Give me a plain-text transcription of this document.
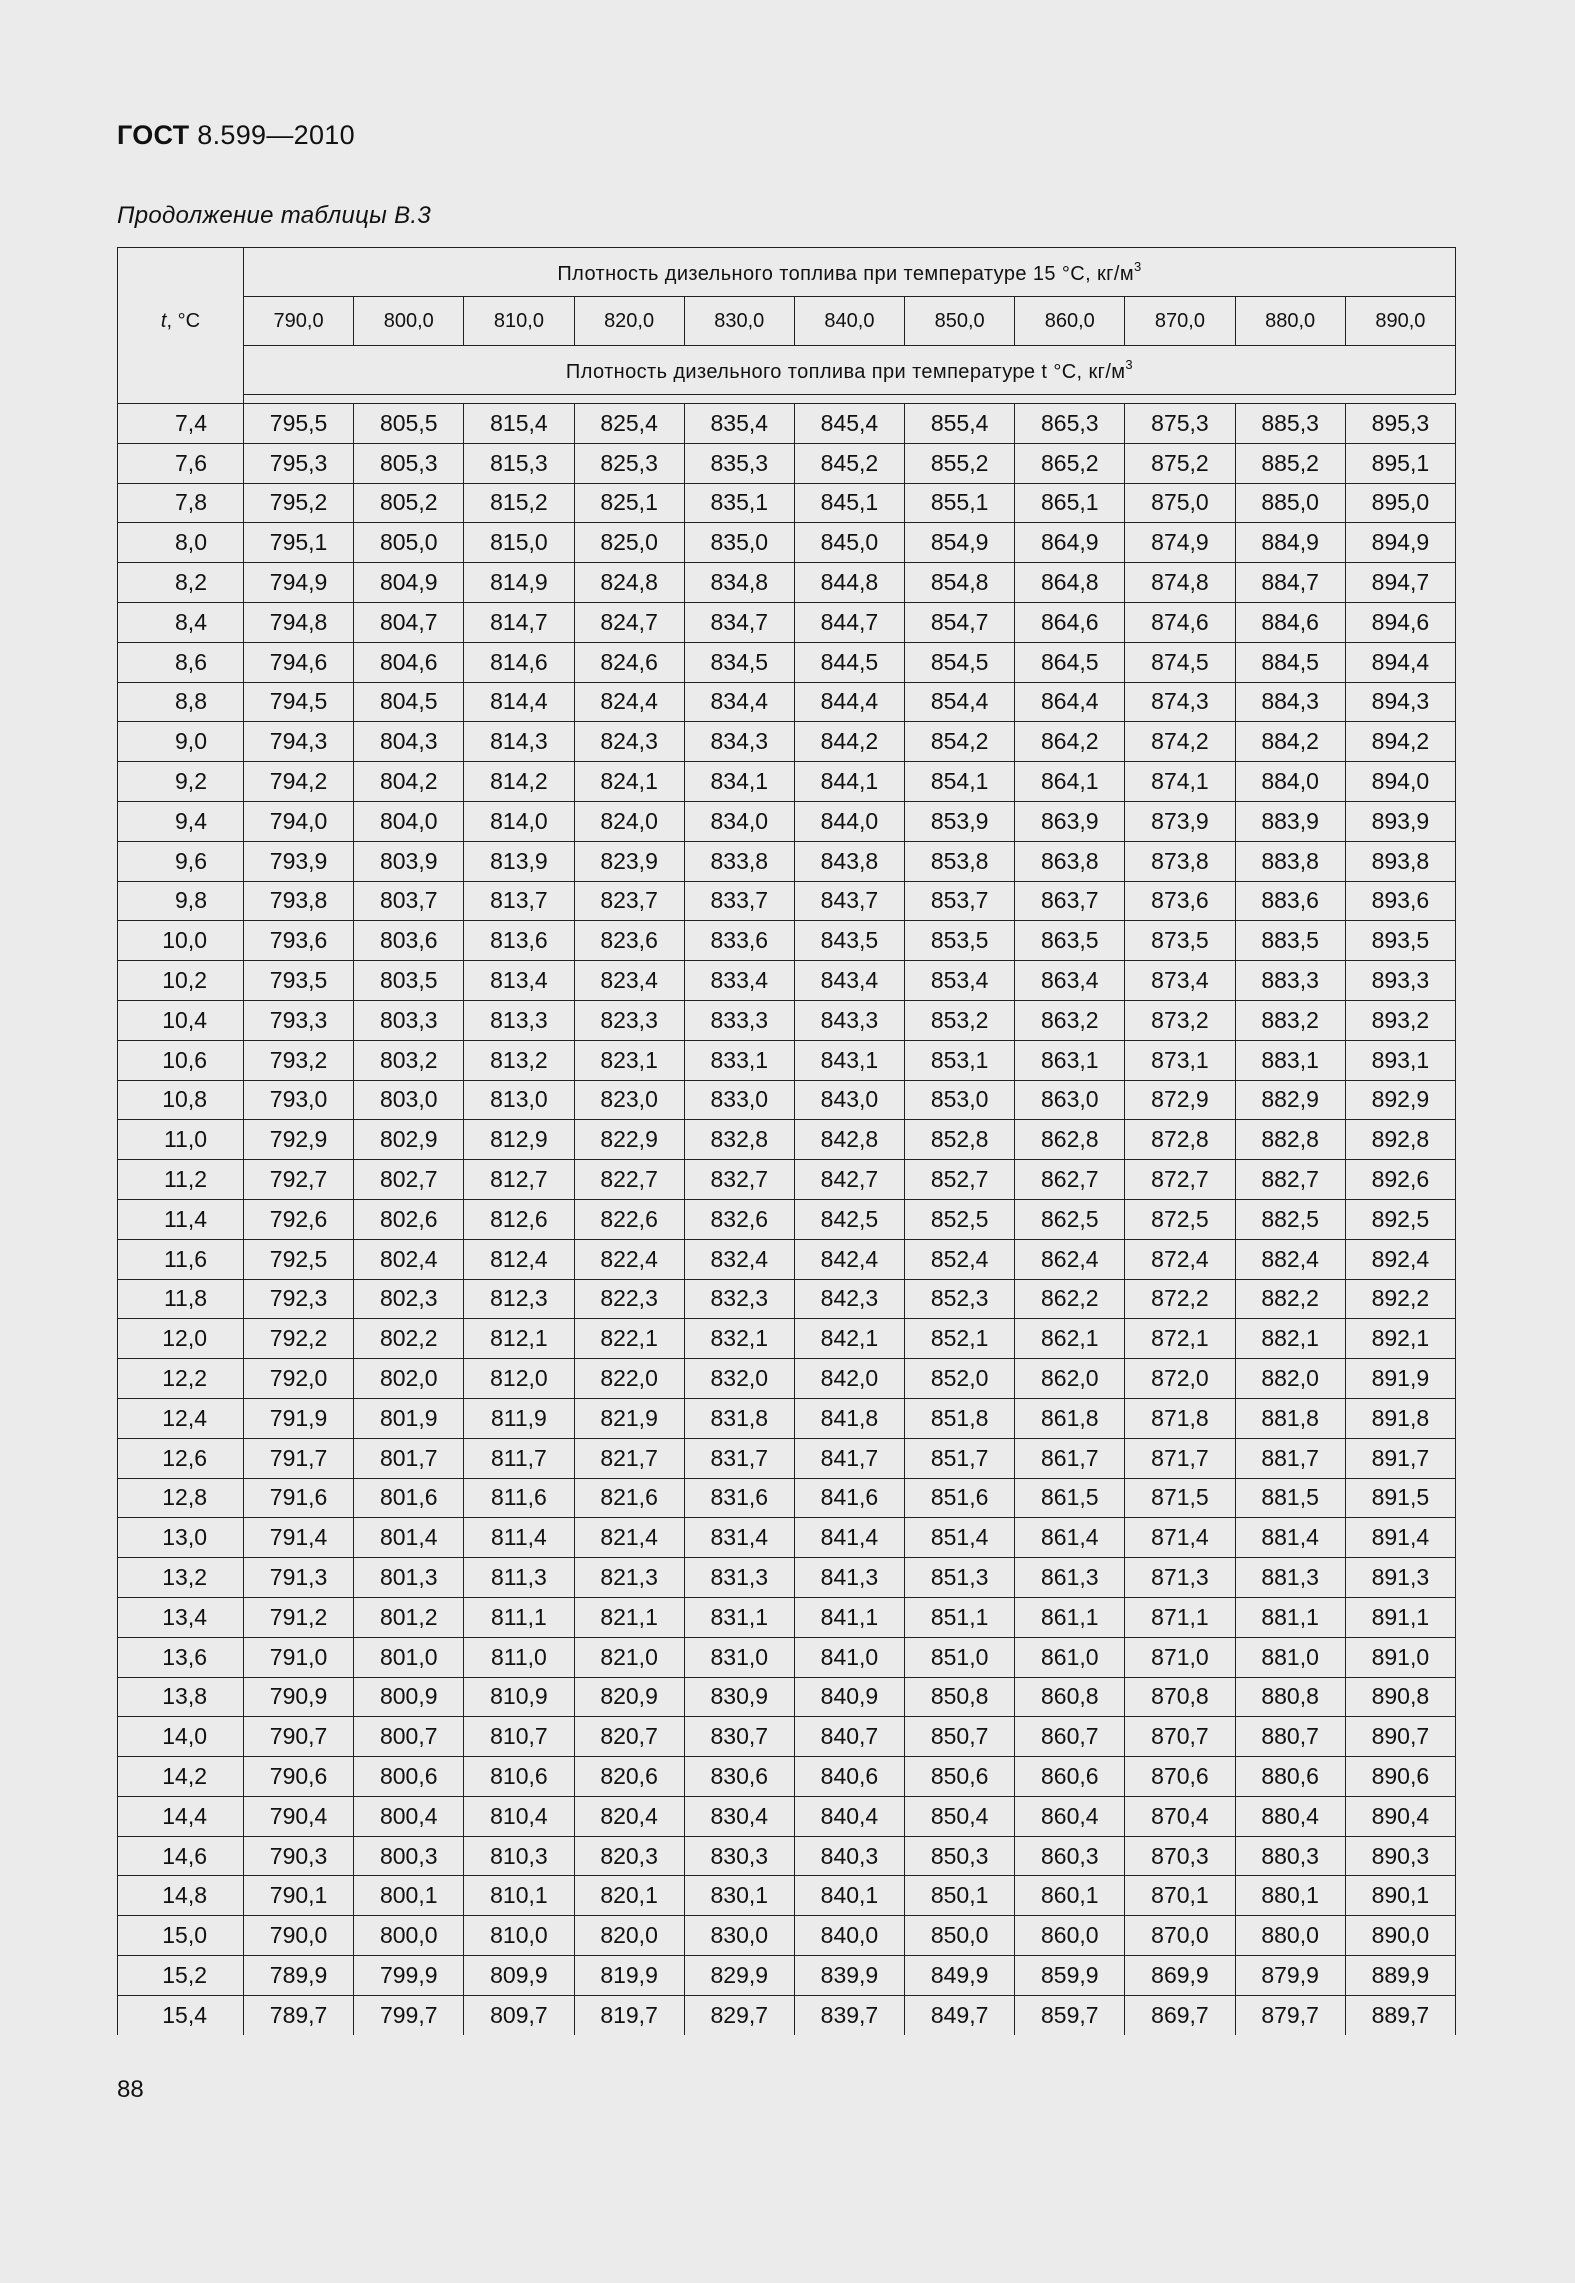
ГОСТ 8.599—2010
Продолжение таблицы В.3
t, °С	Плотность дизельного топлива при температуре 15 °С, $кг/м^3$
	790,0	800,0	810,0	820,0	830,0	840,0	850,0	860,0	870,0	880,0	890,0
	Плотность дизельного топлива при температуре t °С, $кг/м^3$

7,4	795,5	805,5	815,4	825,4	835,4	845,4	855,4	865,3	875,3	885,3	895,3
7,6	795,3	805,3	815,3	825,3	835,3	845,2	855,2	865,2	875,2	885,2	895,1
7,8	795,2	805,2	815,2	825,1	835,1	845,1	855,1	865,1	875,0	885,0	895,0
8,0	795,1	805,0	815,0	825,0	835,0	845,0	854,9	864,9	874,9	884,9	894,9
8,2	794,9	804,9	814,9	824,8	834,8	844,8	854,8	864,8	874,8	884,7	894,7
8,4	794,8	804,7	814,7	824,7	834,7	844,7	854,7	864,6	874,6	884,6	894,6
8,6	794,6	804,6	814,6	824,6	834,5	844,5	854,5	864,5	874,5	884,5	894,4
8,8	794,5	804,5	814,4	824,4	834,4	844,4	854,4	864,4	874,3	884,3	894,3
9,0	794,3	804,3	814,3	824,3	834,3	844,2	854,2	864,2	874,2	884,2	894,2
9,2	794,2	804,2	814,2	824,1	834,1	844,1	854,1	864,1	874,1	884,0	894,0
9,4	794,0	804,0	814,0	824,0	834,0	844,0	853,9	863,9	873,9	883,9	893,9
9,6	793,9	803,9	813,9	823,9	833,8	843,8	853,8	863,8	873,8	883,8	893,8
9,8	793,8	803,7	813,7	823,7	833,7	843,7	853,7	863,7	873,6	883,6	893,6
10,0	793,6	803,6	813,6	823,6	833,6	843,5	853,5	863,5	873,5	883,5	893,5
10,2	793,5	803,5	813,4	823,4	833,4	843,4	853,4	863,4	873,4	883,3	893,3
10,4	793,3	803,3	813,3	823,3	833,3	843,3	853,2	863,2	873,2	883,2	893,2
10,6	793,2	803,2	813,2	823,1	833,1	843,1	853,1	863,1	873,1	883,1	893,1
10,8	793,0	803,0	813,0	823,0	833,0	843,0	853,0	863,0	872,9	882,9	892,9
11,0	792,9	802,9	812,9	822,9	832,8	842,8	852,8	862,8	872,8	882,8	892,8
11,2	792,7	802,7	812,7	822,7	832,7	842,7	852,7	862,7	872,7	882,7	892,6
11,4	792,6	802,6	812,6	822,6	832,6	842,5	852,5	862,5	872,5	882,5	892,5
11,6	792,5	802,4	812,4	822,4	832,4	842,4	852,4	862,4	872,4	882,4	892,4
11,8	792,3	802,3	812,3	822,3	832,3	842,3	852,3	862,2	872,2	882,2	892,2
12,0	792,2	802,2	812,1	822,1	832,1	842,1	852,1	862,1	872,1	882,1	892,1
12,2	792,0	802,0	812,0	822,0	832,0	842,0	852,0	862,0	872,0	882,0	891,9
12,4	791,9	801,9	811,9	821,9	831,8	841,8	851,8	861,8	871,8	881,8	891,8
12,6	791,7	801,7	811,7	821,7	831,7	841,7	851,7	861,7	871,7	881,7	891,7
12,8	791,6	801,6	811,6	821,6	831,6	841,6	851,6	861,5	871,5	881,5	891,5
13,0	791,4	801,4	811,4	821,4	831,4	841,4	851,4	861,4	871,4	881,4	891,4
13,2	791,3	801,3	811,3	821,3	831,3	841,3	851,3	861,3	871,3	881,3	891,3
13,4	791,2	801,2	811,1	821,1	831,1	841,1	851,1	861,1	871,1	881,1	891,1
13,6	791,0	801,0	811,0	821,0	831,0	841,0	851,0	861,0	871,0	881,0	891,0
13,8	790,9	800,9	810,9	820,9	830,9	840,9	850,8	860,8	870,8	880,8	890,8
14,0	790,7	800,7	810,7	820,7	830,7	840,7	850,7	860,7	870,7	880,7	890,7
14,2	790,6	800,6	810,6	820,6	830,6	840,6	850,6	860,6	870,6	880,6	890,6
14,4	790,4	800,4	810,4	820,4	830,4	840,4	850,4	860,4	870,4	880,4	890,4
14,6	790,3	800,3	810,3	820,3	830,3	840,3	850,3	860,3	870,3	880,3	890,3
14,8	790,1	800,1	810,1	820,1	830,1	840,1	850,1	860,1	870,1	880,1	890,1
15,0	790,0	800,0	810,0	820,0	830,0	840,0	850,0	860,0	870,0	880,0	890,0
15,2	789,9	799,9	809,9	819,9	829,9	839,9	849,9	859,9	869,9	879,9	889,9
15,4	789,7	799,7	809,7	819,7	829,7	839,7	849,7	859,7	869,7	879,7	889,7
88
